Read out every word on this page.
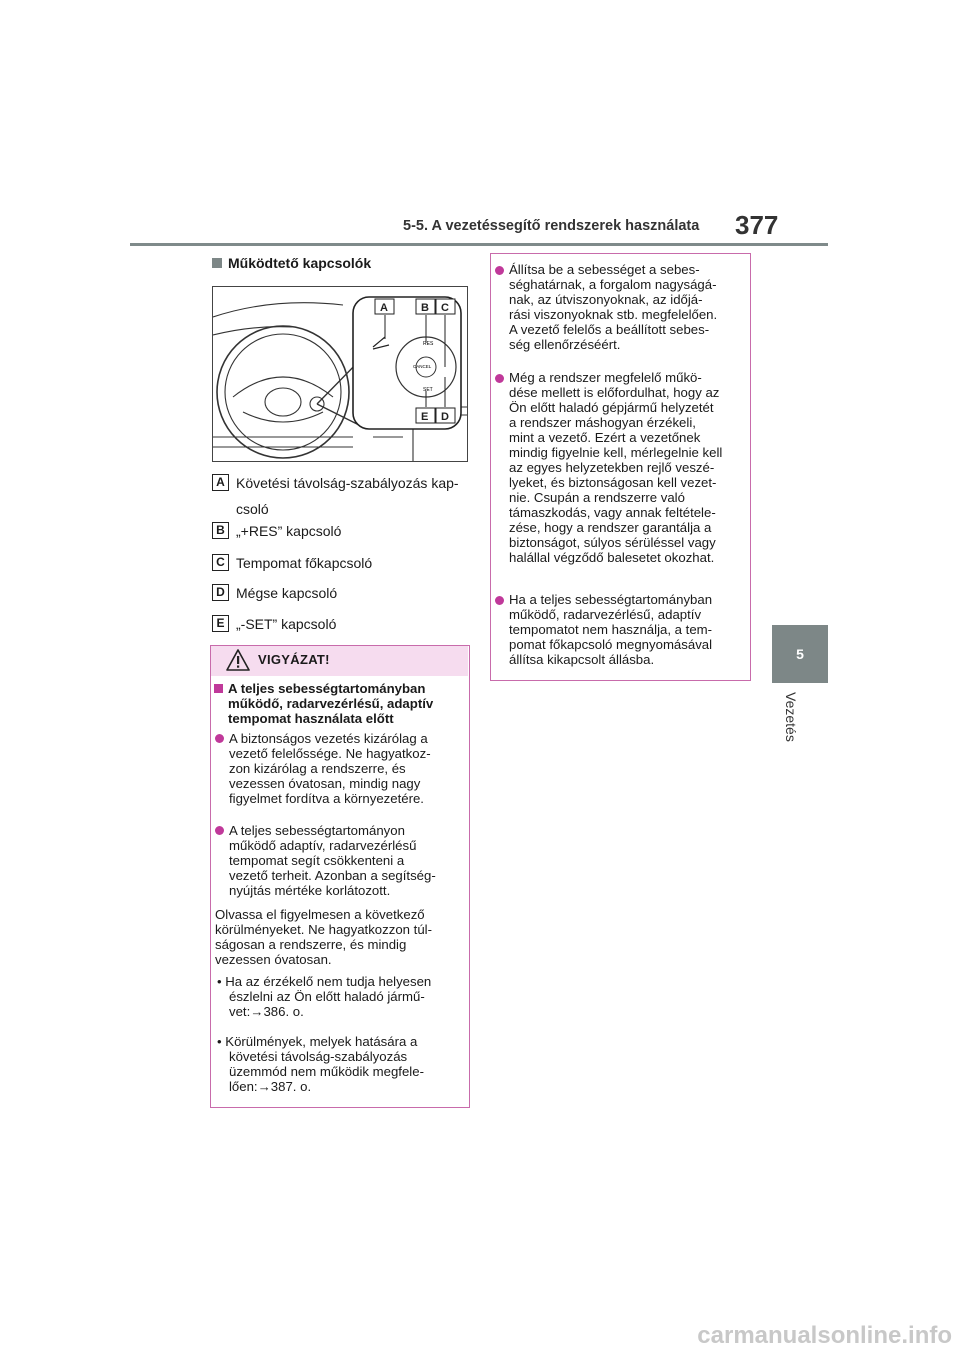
5-5. A vezetéssegítő rendszerek használata 377
5
Vezetés
Működtető kapcsolók
CANCEL
RES
SET
A	B C
E D
A Követési távolság-szabályozás kap-
csoló
B „+RES” kapcsoló
C Tempomat főkapcsoló
D Mégse kapcsoló
E „-SET” kapcsoló
VIGYÁZAT!
A teljes sebességtartományban
működő, radarvezérlésű, adaptív
tempomat használata előtt
A biztonságos vezetés kizárólag a
vezető felelőssége. Ne hagyatkoz-
zon kizárólag a rendszerre, és
vezessen óvatosan, mindig nagy
figyelmet fordítva a környezetére.
A teljes sebességtartományon
működő adaptív, radarvezérlésű
tempomat segít csökkenteni a
vezető terheit. Azonban a segítség-
nyújtás mértéke korlátozott.
Olvassa el figyelmesen a következő
körülményeket. Ne hagyatkozzon túl-
ságosan a rendszerre, és mindig
vezessen óvatosan.
• Ha az érzékelő nem tudja helyesen
észlelni az Ön előtt haladó jármű-
vet:→386. o.
• Körülmények, melyek hatására a
követési távolság-szabályozás
üzemmód nem működik megfele-
lően:→387. o.
Állítsa be a sebességet a sebes-
séghatárnak, a forgalom nagyságá-
nak, az útviszonyoknak, az időjá-
rási viszonyoknak stb. megfelelően.
A vezető felelős a beállított sebes-
ség ellenőrzéséért.
Még a rendszer megfelelő műkö-
dése mellett is előfordulhat, hogy az
Ön előtt haladó gépjármű helyzetét
a rendszer máshogyan érzékeli,
mint a vezető. Ezért a vezetőnek
mindig figyelnie kell, mérlegelnie kell
az egyes helyzetekben rejlő veszé-
lyeket, és biztonságosan kell vezet-
nie. Csupán a rendszerre való
támaszkodás, vagy annak feltétele-
zése, hogy a rendszer garantálja a
biztonságot, súlyos sérüléssel vagy
halállal végződő balesetet okozhat.
Ha a teljes sebességtartományban
működő, radarvezérlésű, adaptív
tempomatot nem használja, a tem-
pomat főkapcsoló megnyomásával
állítsa kikapcsolt állásba.
carmanualsonline.info
